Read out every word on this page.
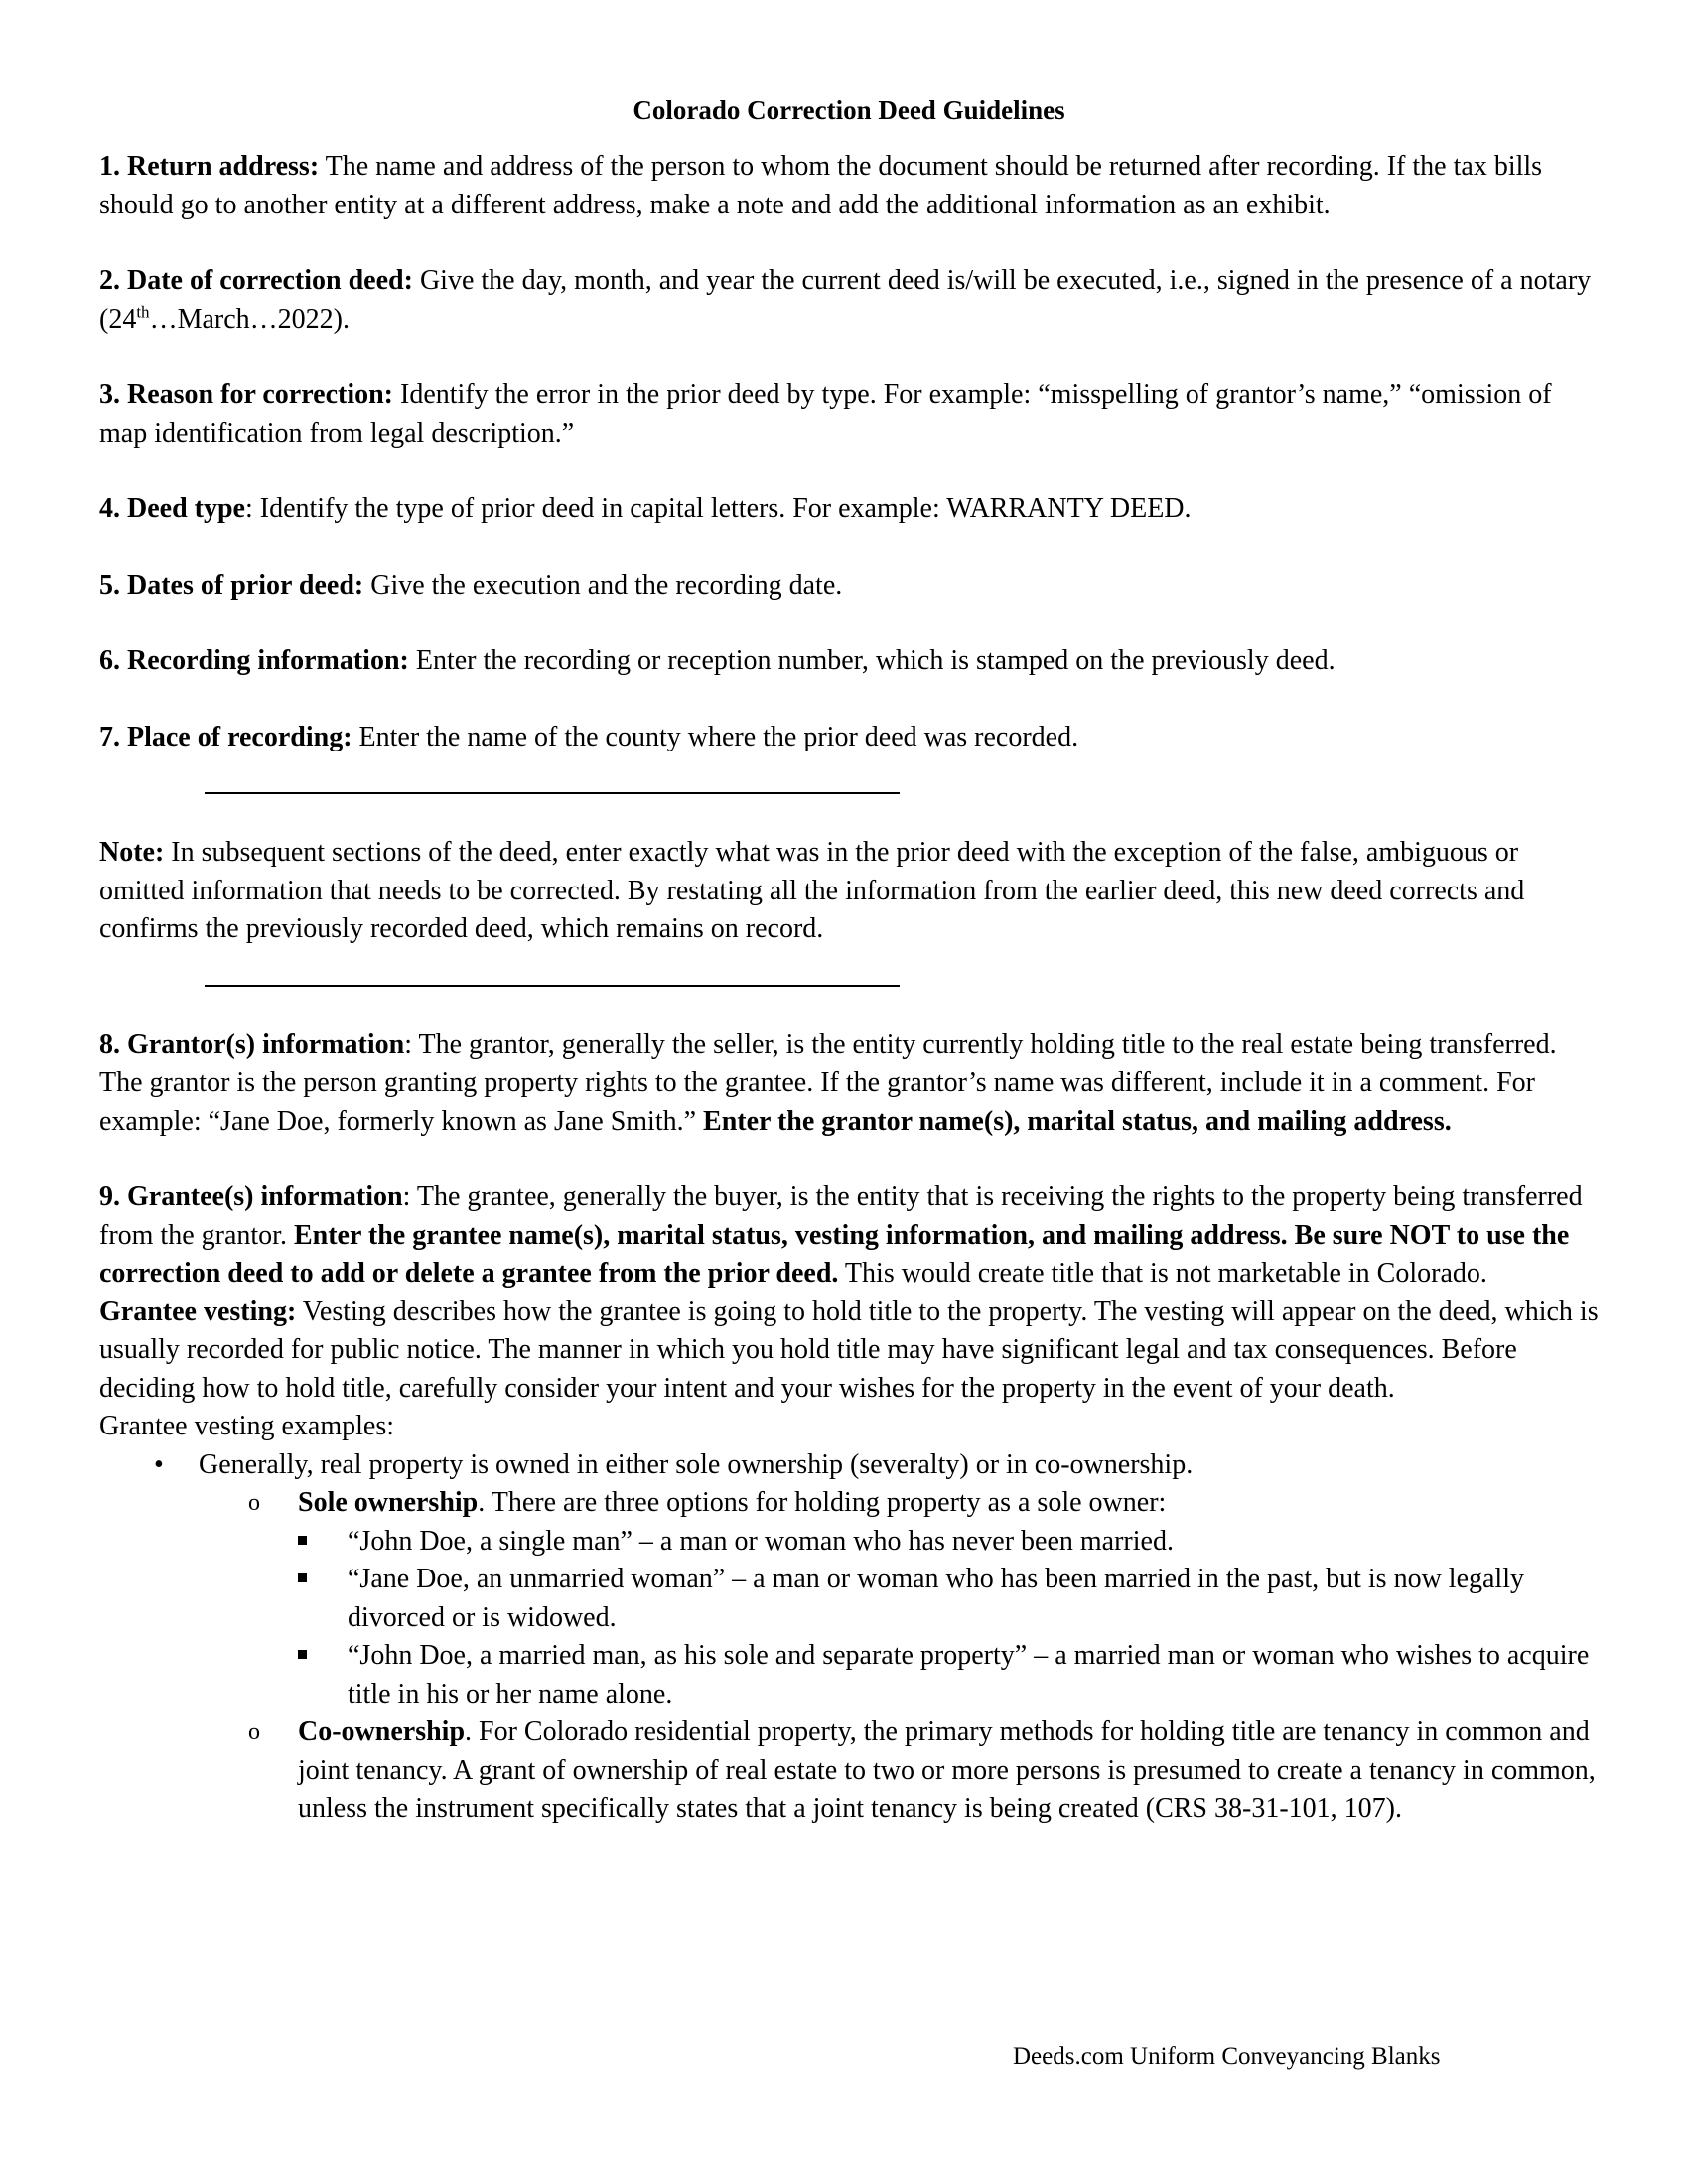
Colorado Correction Deed Guidelines

1. Return address: The name and address of the person to whom the document should be returned after recording. If the tax bills should go to another entity at a different address, make a note and add the additional information as an exhibit.

2. Date of correction deed: Give the day, month, and year the current deed is/will be executed, i.e., signed in the presence of a notary (24th…March…2022).

3. Reason for correction: Identify the error in the prior deed by type. For example: “misspelling of grantor’s name,” “omission of map identification from legal description.”

4. Deed type: Identify the type of prior deed in capital letters. For example: WARRANTY DEED.

5. Dates of prior deed: Give the execution and the recording date.

6. Recording information: Enter the recording or reception number, which is stamped on the previously deed.

7. Place of recording: Enter the name of the county where the prior deed was recorded.

Note: In subsequent sections of the deed, enter exactly what was in the prior deed with the exception of the false, ambiguous or omitted information that needs to be corrected. By restating all the information from the earlier deed, this new deed corrects and confirms the previously recorded deed, which remains on record.

8. Grantor(s) information: The grantor, generally the seller, is the entity currently holding title to the real estate being transferred. The grantor is the person granting property rights to the grantee. If the grantor’s name was different, include it in a comment. For example: “Jane Doe, formerly known as Jane Smith.” Enter the grantor name(s), marital status, and mailing address.

9. Grantee(s) information: The grantee, generally the buyer, is the entity that is receiving the rights to the property being transferred from the grantor. Enter the grantee name(s), marital status, vesting information, and mailing address. Be sure NOT to use the correction deed to add or delete a grantee from the prior deed. This would create title that is not marketable in Colorado.

Grantee vesting: Vesting describes how the grantee is going to hold title to the property. The vesting will appear on the deed, which is usually recorded for public notice. The manner in which you hold title may have significant legal and tax consequences. Before deciding how to hold title, carefully consider your intent and your wishes for the property in the event of your death.

Grantee vesting examples:

• Generally, real property is owned in either sole ownership (severalty) or in co-ownership.
o Sole ownership. There are three options for holding property as a sole owner:
“John Doe, a single man” – a man or woman who has never been married.
“Jane Doe, an unmarried woman” – a man or woman who has been married in the past, but is now legally divorced or is widowed.
“John Doe, a married man, as his sole and separate property” – a married man or woman who wishes to acquire title in his or her name alone.
o Co-ownership. For Colorado residential property, the primary methods for holding title are tenancy in common and joint tenancy. A grant of ownership of real estate to two or more persons is presumed to create a tenancy in common, unless the instrument specifically states that a joint tenancy is being created (CRS 38-31-101, 107).
Deeds.com Uniform Conveyancing Blanks
